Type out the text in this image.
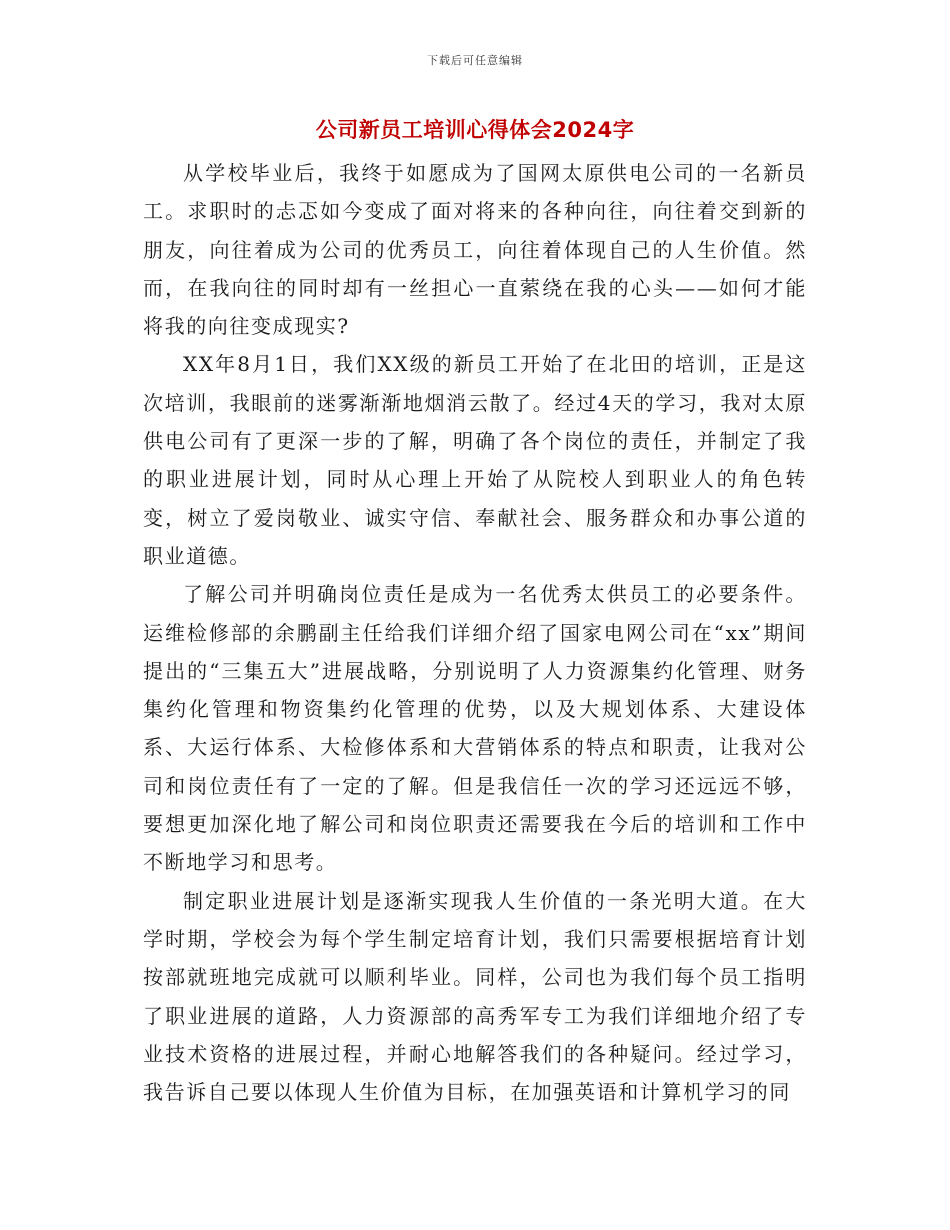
下载后可任意编辑
公司新员工培训心得体会2024字

从学校毕业后，我终于如愿成为了国网太原供电公司的一名新员工。求职时的忐忑如今变成了面对将来的各种向往，向往着交到新的朋友，向往着成为公司的优秀员工，向往着体现自己的人生价值。然而，在我向往的同时却有一丝担心一直萦绕在我的心头——如何才能将我的向往变成现实?

XX年8月1日，我们XX级的新员工开始了在北田的培训，正是这次培训，我眼前的迷雾渐渐地烟消云散了。经过4天的学习，我对太原供电公司有了更深一步的了解，明确了各个岗位的责任，并制定了我的职业进展计划，同时从心理上开始了从院校人到职业人的角色转变，树立了爱岗敬业、诚实守信、奉献社会、服务群众和办事公道的职业道德。

了解公司并明确岗位责任是成为一名优秀太供员工的必要条件。运维检修部的余鹏副主任给我们详细介绍了国家电网公司在“xx”期间提出的“三集五大”进展战略，分别说明了人力资源集约化管理、财务集约化管理和物资集约化管理的优势，以及大规划体系、大建设体系、大运行体系、大检修体系和大营销体系的特点和职责，让我对公司和岗位责任有了一定的了解。但是我信任一次的学习还远远不够，要想更加深化地了解公司和岗位职责还需要我在今后的培训和工作中不断地学习和思考。

制定职业进展计划是逐渐实现我人生价值的一条光明大道。在大学时期，学校会为每个学生制定培育计划，我们只需要根据培育计划按部就班地完成就可以顺利毕业。同样，公司也为我们每个员工指明了职业进展的道路，人力资源部的高秀军专工为我们详细地介绍了专业技术资格的进展过程，并耐心地解答我们的各种疑问。经过学习，我告诉自己要以体现人生价值为目标，在加强英语和计算机学习的同
